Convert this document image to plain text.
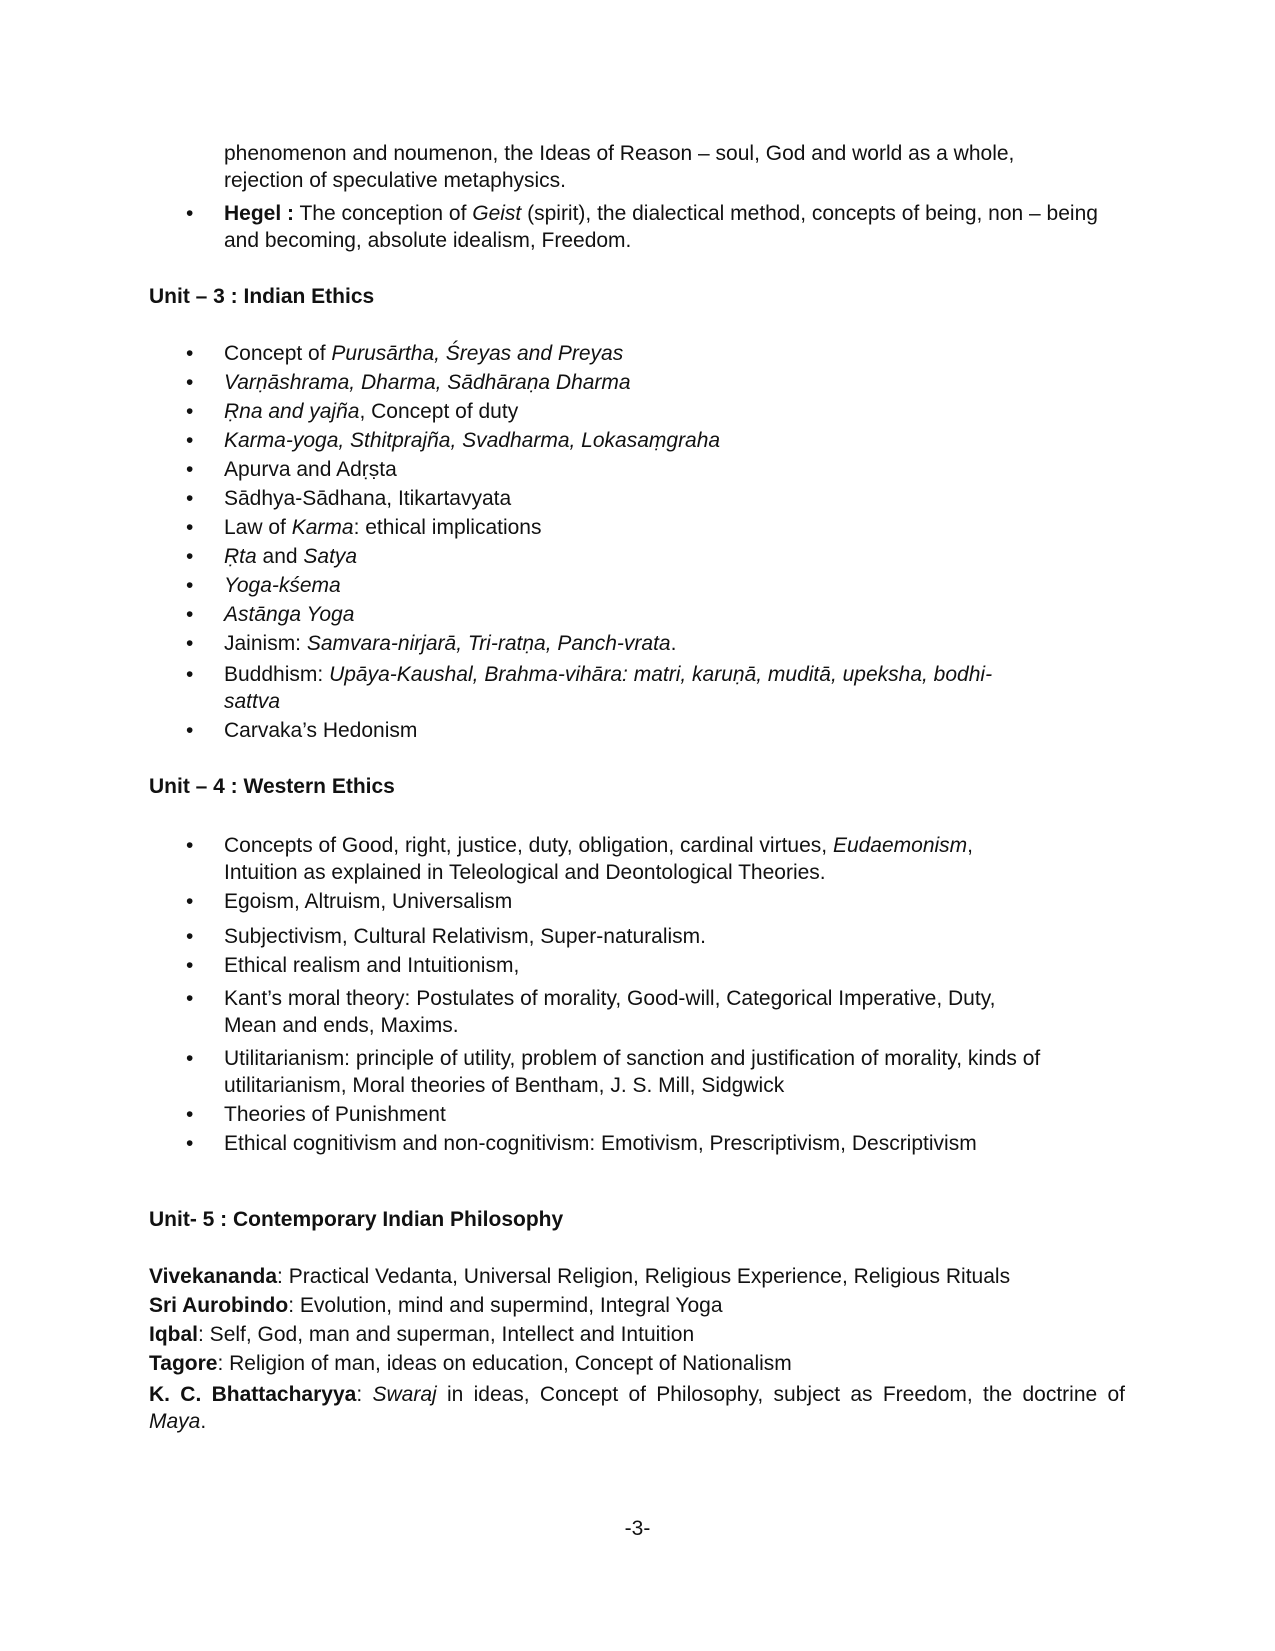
phenomenon and noumenon, the Ideas of Reason – soul, God and world as a whole,
rejection of speculative metaphysics.
• Hegel : The conception of Geist (spirit), the dialectical method, concepts of being, non – being and becoming, absolute idealism, Freedom.
Unit – 3 : Indian Ethics
• Concept of Purusārtha, Śreyas and Preyas
• Varṇāshrama, Dharma, Sādhāraṇa Dharma
• Ṛna and yajña, Concept of duty
• Karma-yoga, Sthitprajña, Svadharma, Lokasaṃgraha
• Apurva and Adṛṣta
• Sādhya-Sādhana, Itikartavyata
• Law of Karma: ethical implications
• Ṛta and Satya
• Yoga-kśema
• Astānga Yoga
• Jainism: Samvara-nirjarā, Tri-ratṇa, Panch-vrata.
• Buddhism: Upāya-Kaushal, Brahma-vihāra: matri, karuṇā, muditā, upeksha, bodhi-sattva
• Carvaka’s Hedonism
Unit – 4 : Western Ethics
• Concepts of Good, right, justice, duty, obligation, cardinal virtues, Eudaemonism, Intuition as explained in Teleological and Deontological Theories.
• Egoism, Altruism, Universalism
• Subjectivism, Cultural Relativism, Super-naturalism.
• Ethical realism and Intuitionism,
• Kant’s moral theory: Postulates of morality, Good-will, Categorical Imperative, Duty, Mean and ends, Maxims.
• Utilitarianism: principle of utility, problem of sanction and justification of morality, kinds of utilitarianism, Moral theories of Bentham, J. S. Mill, Sidgwick
• Theories of Punishment
• Ethical cognitivism and non-cognitivism: Emotivism, Prescriptivism, Descriptivism
Unit- 5 : Contemporary Indian Philosophy

Vivekananda: Practical Vedanta, Universal Religion, Religious Experience, Religious Rituals

Sri Aurobindo: Evolution, mind and supermind, Integral Yoga

Iqbal: Self, God, man and superman, Intellect and Intuition

Tagore: Religion of man, ideas on education, Concept of Nationalism

K. C. Bhattacharyya: Swaraj in ideas, Concept of Philosophy, subject as Freedom, the doctrine of Maya.

-3-
